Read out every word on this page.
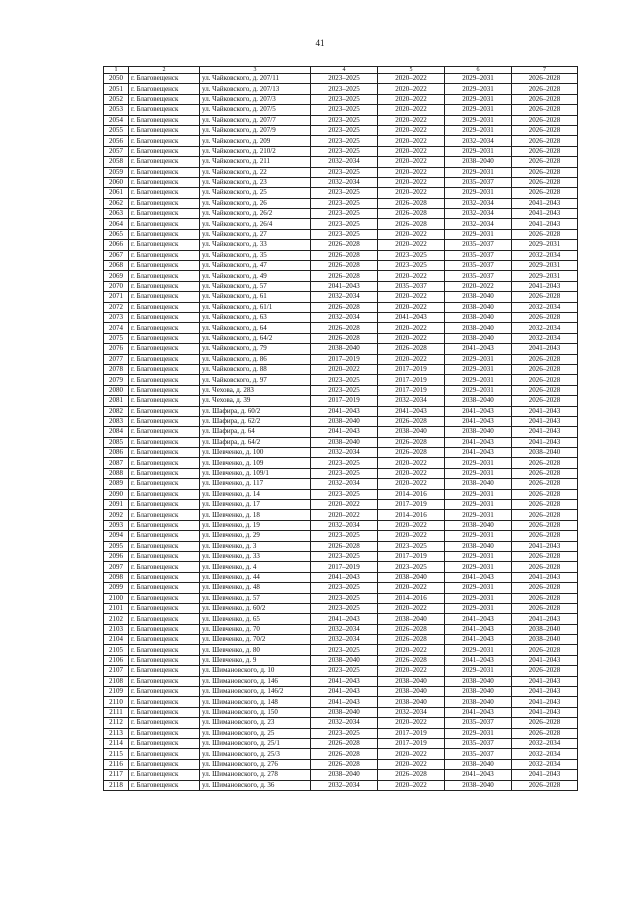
41
1	2	3	4	5	6	7
2050	г. Благовещенск	ул. Чайковского, д. 207/11	2023–2025	2020–2022	2029–2031	2026–2028
2051	г. Благовещенск	ул. Чайковского, д. 207/13	2023–2025	2020–2022	2029–2031	2026–2028
2052	г. Благовещенск	ул. Чайковского, д. 207/3	2023–2025	2020–2022	2029–2031	2026–2028
2053	г. Благовещенск	ул. Чайковского, д. 207/5	2023–2025	2020–2022	2029–2031	2026–2028
2054	г. Благовещенск	ул. Чайковского, д. 207/7	2023–2025	2020–2022	2029–2031	2026–2028
2055	г. Благовещенск	ул. Чайковского, д. 207/9	2023–2025	2020–2022	2029–2031	2026–2028
2056	г. Благовещенск	ул. Чайковского, д. 209	2023–2025	2020–2022	2032–2034	2026–2028
2057	г. Благовещенск	ул. Чайковского, д. 210/2	2023–2025	2020–2022	2029–2031	2026–2028
2058	г. Благовещенск	ул. Чайковского, д. 211	2032–2034	2020–2022	2038–2040	2026–2028
2059	г. Благовещенск	ул. Чайковского, д. 22	2023–2025	2020–2022	2029–2031	2026–2028
2060	г. Благовещенск	ул. Чайковского, д. 23	2032–2034	2020–2022	2035–2037	2026–2028
2061	г. Благовещенск	ул. Чайковского, д. 25	2023–2025	2020–2022	2029–2031	2026–2028
2062	г. Благовещенск	ул. Чайковского, д. 26	2023–2025	2026–2028	2032–2034	2041–2043
2063	г. Благовещенск	ул. Чайковского, д. 26/2	2023–2025	2026–2028	2032–2034	2041–2043
2064	г. Благовещенск	ул. Чайковского, д. 26/4	2023–2025	2026–2028	2032–2034	2041–2043
2065	г. Благовещенск	ул. Чайковского, д. 27	2023–2025	2020–2022	2029–2031	2026–2028
2066	г. Благовещенск	ул. Чайковского, д. 33	2026–2028	2020–2022	2035–2037	2029–2031
2067	г. Благовещенск	ул. Чайковского, д. 35	2026–2028	2023–2025	2035–2037	2032–2034
2068	г. Благовещенск	ул. Чайковского, д. 47	2026–2028	2023–2025	2035–2037	2029–2031
2069	г. Благовещенск	ул. Чайковского, д. 49	2026–2028	2020–2022	2035–2037	2029–2031
2070	г. Благовещенск	ул. Чайковского, д. 57	2041–2043	2035–2037	2020–2022	2041–2043
2071	г. Благовещенск	ул. Чайковского, д. 61	2032–2034	2020–2022	2038–2040	2026–2028
2072	г. Благовещенск	ул. Чайковского, д. 61/1	2026–2028	2020–2022	2038–2040	2032–2034
2073	г. Благовещенск	ул. Чайковского, д. 63	2032–2034	2041–2043	2038–2040	2026–2028
2074	г. Благовещенск	ул. Чайковского, д. 64	2026–2028	2020–2022	2038–2040	2032–2034
2075	г. Благовещенск	ул. Чайковского, д. 64/2	2026–2028	2020–2022	2038–2040	2032–2034
2076	г. Благовещенск	ул. Чайковского, д. 79	2038–2040	2026–2028	2041–2043	2041–2043
2077	г. Благовещенск	ул. Чайковского, д. 86	2017–2019	2020–2022	2029–2031	2026–2028
2078	г. Благовещенск	ул. Чайковского, д. 88	2020–2022	2017–2019	2029–2031	2026–2028
2079	г. Благовещенск	ул. Чайковского, д. 97	2023–2025	2017–2019	2029–2031	2026–2028
2080	г. Благовещенск	ул. Чехова, д. 283	2023–2025	2017–2019	2029–2031	2026–2028
2081	г. Благовещенск	ул. Чехова, д. 39	2017–2019	2032–2034	2038–2040	2026–2028
2082	г. Благовещенск	ул. Шафира, д. 60/2	2041–2043	2041–2043	2041–2043	2041–2043
2083	г. Благовещенск	ул. Шафира, д. 62/2	2038–2040	2026–2028	2041–2043	2041–2043
2084	г. Благовещенск	ул. Шафира, д. 64	2041–2043	2038–2040	2038–2040	2041–2043
2085	г. Благовещенск	ул. Шафира, д. 64/2	2038–2040	2026–2028	2041–2043	2041–2043
2086	г. Благовещенск	ул. Шевченко, д. 100	2032–2034	2026–2028	2041–2043	2038–2040
2087	г. Благовещенск	ул. Шевченко, д. 109	2023–2025	2020–2022	2029–2031	2026–2028
2088	г. Благовещенск	ул. Шевченко, д. 109/1	2023–2025	2020–2022	2029–2031	2026–2028
2089	г. Благовещенск	ул. Шевченко, д. 117	2032–2034	2020–2022	2038–2040	2026–2028
2090	г. Благовещенск	ул. Шевченко, д. 14	2023–2025	2014–2016	2029–2031	2026–2028
2091	г. Благовещенск	ул. Шевченко, д. 17	2020–2022	2017–2019	2029–2031	2026–2028
2092	г. Благовещенск	ул. Шевченко, д. 18	2020–2022	2014–2016	2029–2031	2026–2028
2093	г. Благовещенск	ул. Шевченко, д. 19	2032–2034	2020–2022	2038–2040	2026–2028
2094	г. Благовещенск	ул. Шевченко, д. 29	2023–2025	2020–2022	2029–2031	2026–2028
2095	г. Благовещенск	ул. Шевченко, д. 3	2026–2028	2023–2025	2038–2040	2041–2043
2096	г. Благовещенск	ул. Шевченко, д. 33	2023–2025	2017–2019	2029–2031	2026–2028
2097	г. Благовещенск	ул. Шевченко, д. 4	2017–2019	2023–2025	2029–2031	2026–2028
2098	г. Благовещенск	ул. Шевченко, д. 44	2041–2043	2038–2040	2041–2043	2041–2043
2099	г. Благовещенск	ул. Шевченко, д. 48	2023–2025	2020–2022	2029–2031	2026–2028
2100	г. Благовещенск	ул. Шевченко, д. 57	2023–2025	2014–2016	2029–2031	2026–2028
2101	г. Благовещенск	ул. Шевченко, д. 60/2	2023–2025	2020–2022	2029–2031	2026–2028
2102	г. Благовещенск	ул. Шевченко, д. 65	2041–2043	2038–2040	2041–2043	2041–2043
2103	г. Благовещенск	ул. Шевченко, д. 70	2032–2034	2026–2028	2041–2043	2038–2040
2104	г. Благовещенск	ул. Шевченко, д. 70/2	2032–2034	2026–2028	2041–2043	2038–2040
2105	г. Благовещенск	ул. Шевченко, д. 80	2023–2025	2020–2022	2029–2031	2026–2028
2106	г. Благовещенск	ул. Шевченко, д. 9	2038–2040	2026–2028	2041–2043	2041–2043
2107	г. Благовещенск	ул. Шимановского, д. 10	2023–2025	2020–2022	2029–2031	2026–2028
2108	г. Благовещенск	ул. Шимановского, д. 146	2041–2043	2038–2040	2038–2040	2041–2043
2109	г. Благовещенск	ул. Шимановского, д. 146/2	2041–2043	2038–2040	2038–2040	2041–2043
2110	г. Благовещенск	ул. Шимановского, д. 148	2041–2043	2038–2040	2038–2040	2041–2043
2111	г. Благовещенск	ул. Шимановского, д. 150	2038–2040	2032–2034	2041–2043	2041–2043
2112	г. Благовещенск	ул. Шимановского, д. 23	2032–2034	2020–2022	2035–2037	2026–2028
2113	г. Благовещенск	ул. Шимановского, д. 25	2023–2025	2017–2019	2029–2031	2026–2028
2114	г. Благовещенск	ул. Шимановского, д. 25/1	2026–2028	2017–2019	2035–2037	2032–2034
2115	г. Благовещенск	ул. Шимановского, д. 25/3	2026–2028	2020–2022	2035–2037	2032–2034
2116	г. Благовещенск	ул. Шимановского, д. 276	2026–2028	2020–2022	2038–2040	2032–2034
2117	г. Благовещенск	ул. Шимановского, д. 278	2038–2040	2026–2028	2041–2043	2041–2043
2118	г. Благовещенск	ул. Шимановского, д. 36	2032–2034	2020–2022	2038–2040	2026–2028
